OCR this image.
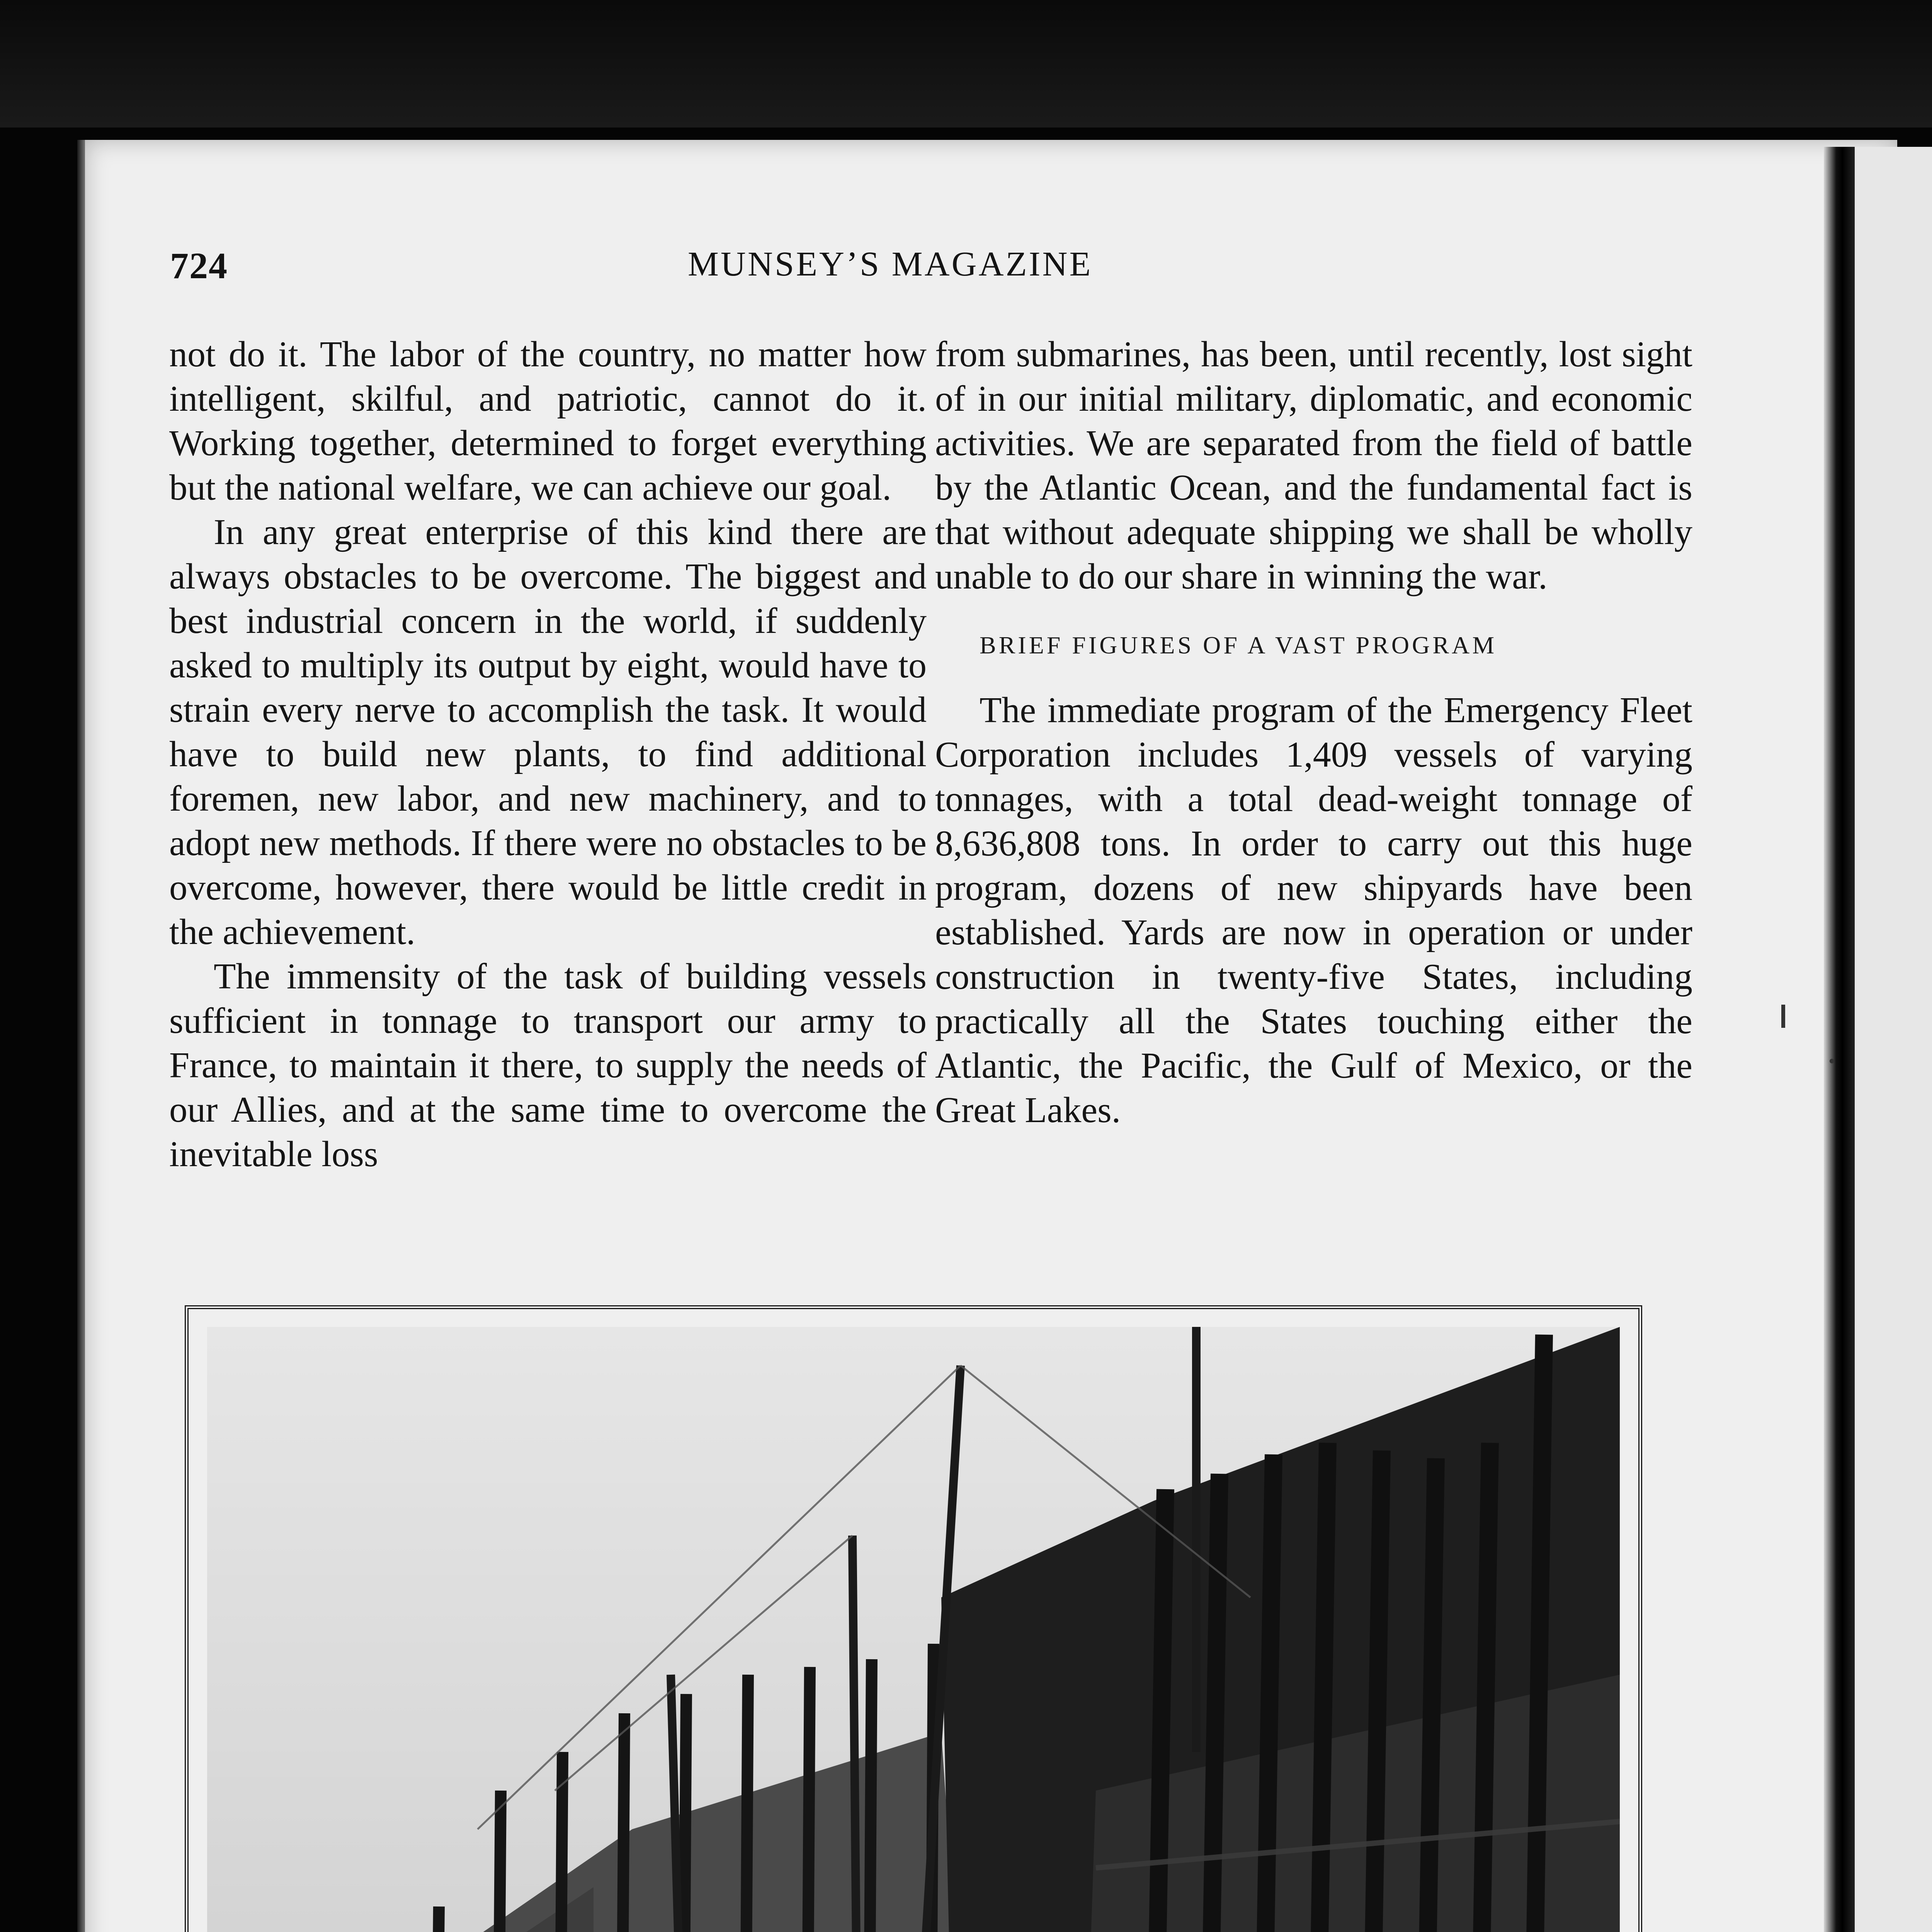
724	MUNSEY’S MAGAZINE

not do it. The labor of the country, no matter how intelligent, skilful, and patriotic, cannot do it. Working together, determined to forget everything but the national welfare, we can achieve our goal.

In any great enterprise of this kind there are always obstacles to be overcome. The biggest and best industrial concern in the world, if suddenly asked to multiply its output by eight, would have to strain every nerve to accomplish the task. It would have to build new plants, to find additional foremen, new labor, and new machinery, and to adopt new methods. If there were no obstacles to be overcome, however, there would be little credit in the achievement.

The immensity of the task of building vessels sufficient in tonnage to transport our army to France, to maintain it there, to supply the needs of our Allies, and at the same time to overcome the inevitable loss

from submarines, has been, until recently, lost sight of in our initial military, diplomatic, and economic activities. We are separated from the field of battle by the Atlantic Ocean, and the fundamental fact is that without adequate shipping we shall be wholly unable to do our share in winning the war.

BRIEF FIGURES OF A VAST PROGRAM

The immediate program of the Emergency Fleet Corporation includes 1,409 vessels of varying tonnages, with a total dead-weight tonnage of 8,636,808 tons. In order to carry out this huge program, dozens of new shipyards have been established. Yards are now in operation or under construction in twenty-five States, including practically all the States touching either the Atlantic, the Pacific, the Gulf of Mexico, or the Great Lakes.
